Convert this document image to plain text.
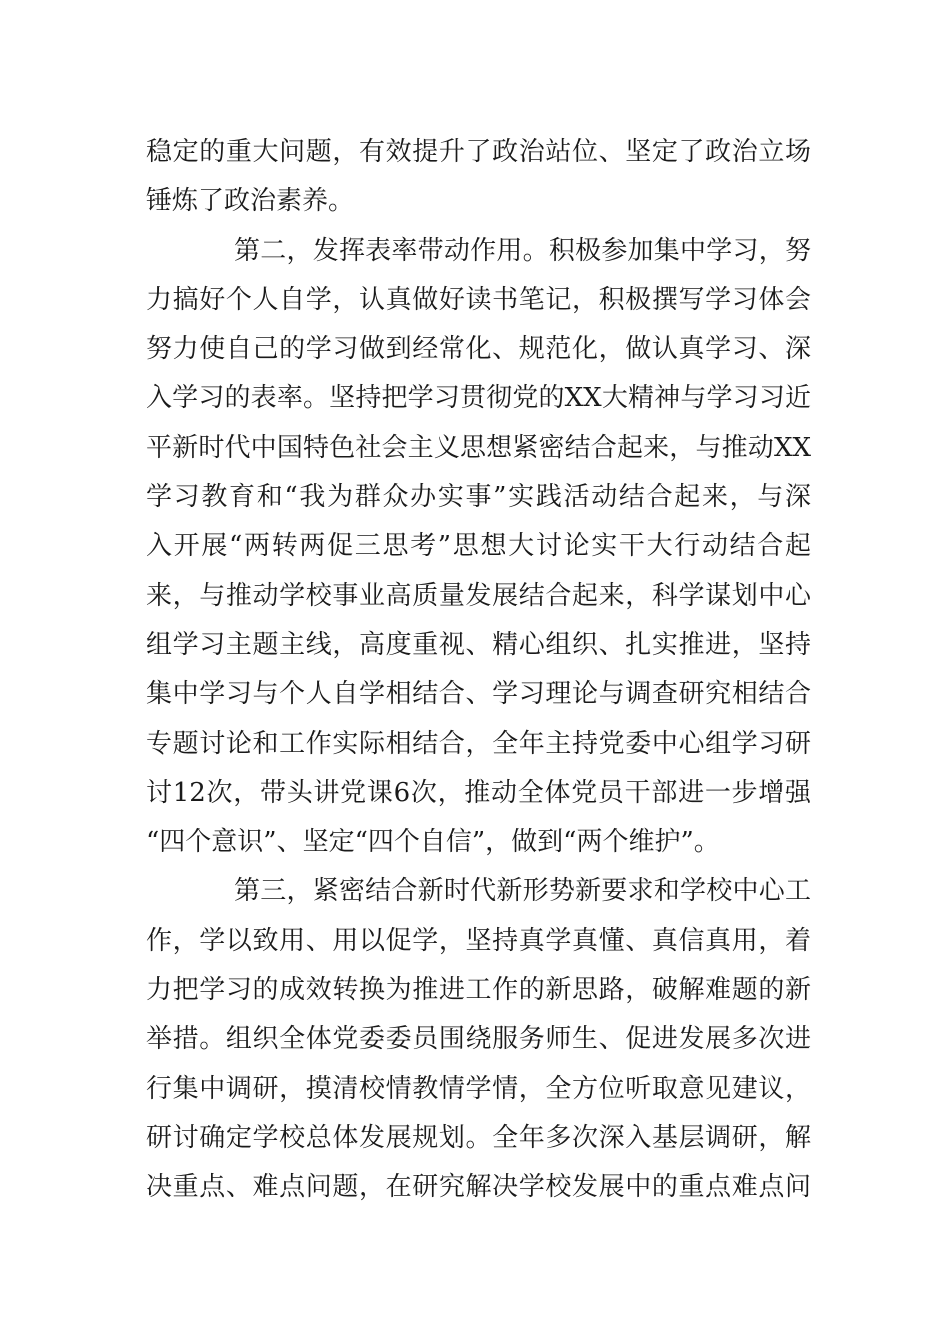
稳定的重大问题，有效提升了政治站位、坚定了政治立场
锤炼了政治素养。
第二，发挥表率带动作用。积极参加集中学习，努
力搞好个人自学，认真做好读书笔记，积极撰写学习体会
努力使自己的学习做到经常化、规范化，做认真学习、深
入学习的表率。坚持把学习贯彻党的XX大精神与学习习近
平新时代中国特色社会主义思想紧密结合起来，与推动XX
学习教育和“我为群众办实事”实践活动结合起来，与深
入开展“两转两促三思考”思想大讨论实干大行动结合起
来，与推动学校事业高质量发展结合起来，科学谋划中心
组学习主题主线，高度重视、精心组织、扎实推进，坚持
集中学习与个人自学相结合、学习理论与调查研究相结合
专题讨论和工作实际相结合，全年主持党委中心组学习研
讨12次，带头讲党课6次，推动全体党员干部进一步增强
“四个意识”、坚定“四个自信”，做到“两个维护”。
第三，紧密结合新时代新形势新要求和学校中心工
作，学以致用、用以促学，坚持真学真懂、真信真用，着
力把学习的成效转换为推进工作的新思路，破解难题的新
举措。组织全体党委委员围绕服务师生、促进发展多次进
行集中调研，摸清校情教情学情，全方位听取意见建议，
研讨确定学校总体发展规划。全年多次深入基层调研，解
决重点、难点问题，在研究解决学校发展中的重点难点问
